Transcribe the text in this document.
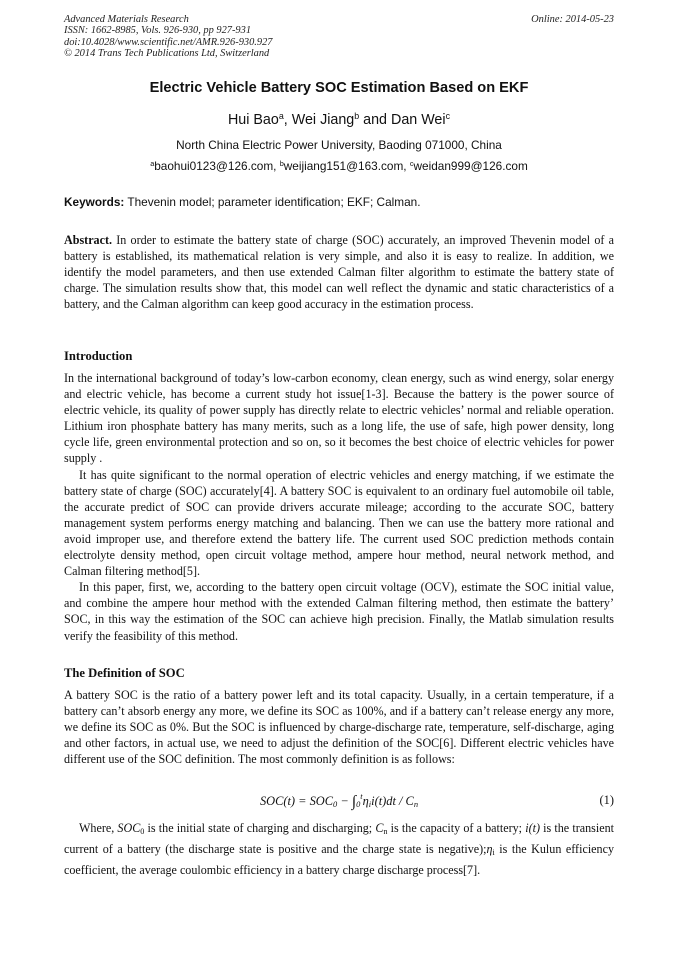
Advanced Materials Research
ISSN: 1662-8985, Vols. 926-930, pp 927-931
doi:10.4028/www.scientific.net/AMR.926-930.927
© 2014 Trans Tech Publications Ltd, Switzerland
Online: 2014-05-23
Electric Vehicle Battery SOC Estimation Based on EKF
Hui Bao$^a$, Wei Jiang$^b$ and Dan Wei$^c$
North China Electric Power University, Baoding 071000, China
$^a$baohui0123@126.com, $^b$weijiang151@163.com, $^c$weidan999@126.com
Keywords: Thevenin model; parameter identification; EKF; Calman.

Abstract. In order to estimate the battery state of charge (SOC) accurately, an improved Thevenin model of a battery is established, its mathematical relation is very simple, and also it is easy to realize. In addition, we identify the model parameters, and then use extended Calman filter algorithm to estimate the battery state of charge. The simulation results show that, this model can well reflect the dynamic and static characteristics of a battery, and the Calman algorithm can keep good accuracy in the estimation process.

Introduction

In the international background of today’s low-carbon economy, clean energy, such as wind energy, solar energy and electric vehicle, has become a current study hot issue[1-3]. Because the battery is the power source of electric vehicle, its quality of power supply has directly relate to electric vehicles’ normal and reliable operation. Lithium iron phosphate battery has many merits, such as a long life, the use of safe, high power density, long cycle life, green environmental protection and so on, so it becomes the best choice of electric vehicles for power supply .

It has quite significant to the normal operation of electric vehicles and energy matching, if we estimate the battery state of charge (SOC) accurately[4]. A battery SOC is equivalent to an ordinary fuel automobile oil table, the accurate predict of SOC can provide drivers accurate mileage; according to the accurate SOC, battery management system performs energy matching and balancing. Then we can use the battery more rational and avoid improper use, and therefore extend the battery life. The current used SOC prediction methods contain electrolyte density method, open circuit voltage method, ampere hour method, neural network method, and Calman filtering method[5].

In this paper, first, we, according to the battery open circuit voltage (OCV), estimate the SOC initial value, and combine the ampere hour method with the extended Calman filtering method, then estimate the battery’ SOC, in this way the estimation of the SOC can achieve high precision. Finally, the Matlab simulation results verify the feasibility of this method.

The Definition of SOC

A battery SOC is the ratio of a battery power left and its total capacity. Usually, in a certain temperature, if a battery can’t absorb energy any more, we define its SOC as 100%, and if a battery can’t release energy any more, we define its SOC as 0%. But the SOC is influenced by charge-discharge rate, temperature, self-discharge, aging and other factors, in actual use, we need to adjust the definition of the SOC[6]. Different electric vehicles have different use of the SOC definition. The most commonly definition is as follows:

$SOC(t) = SOC_0 - \int_0^t\eta_ii(t)dt / C_n$	(1)

Where, $SOC_0$ is the initial state of charging and discharging; $C_n$ is the capacity of a battery; i(t) is the transient current of a battery (the discharge state is positive and the charge state is $negative);\eta_i$ is the Kulun efficiency coefficient, the average coulombic efficiency in a battery charge discharge process[7].
